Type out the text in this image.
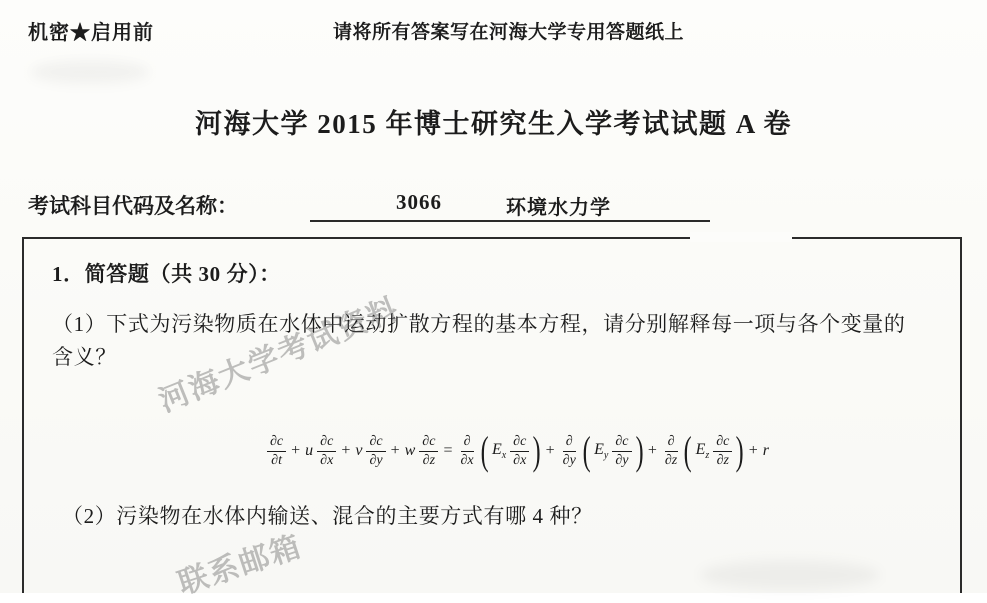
机密★启用前	请将所有答案写在河海大学专用答题纸上
河海大学 2015 年博士研究生入学考试试题 A 卷
考试科目代码及名称：	3066	环境水力学
1．简答题（共 30 分）：
（1）下式为污染物质在水体中运动扩散方程的基本方程，请分别解释每一项与各个变量的含义？
$\frac{\partial c}{\partial t} + u \frac{\partial c}{\partial x} + v \frac{\partial c}{\partial y} + w \frac{\partial c}{\partial z} = \frac{\partial}{\partial x}$ ( $E_x \frac{\partial c}{\partial x}$ ) + $\frac{\partial}{\partial y}$ ( $E_y \frac{\partial c}{\partial y}$ ) + $\frac{\partial}{\partial z}$ ( $E_z \frac{\partial c}{\partial z}$ ) + r
（2）污染物在水体内输送、混合的主要方式有哪 4 种？
河海大学考试资料
联系邮箱
